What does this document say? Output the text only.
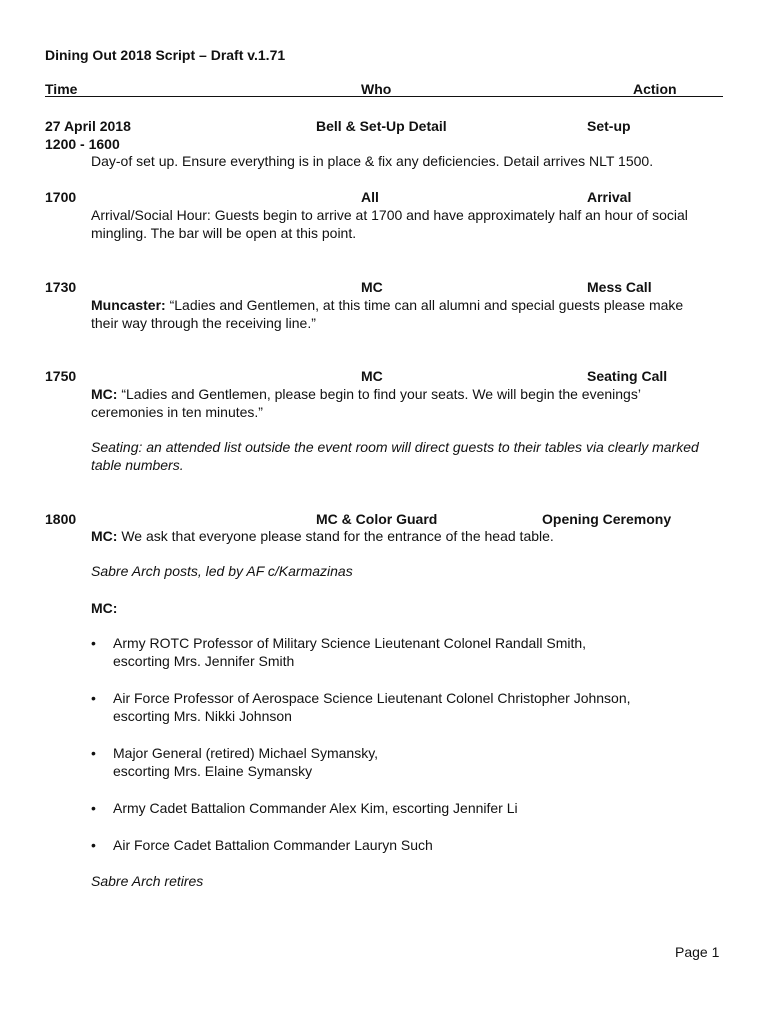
Dining Out 2018 Script – Draft v.1.71
Time	Who	Action
27 April 2018	Bell & Set-Up Detail	Set-up
1200 - 1600
Day-of set up. Ensure everything is in place & fix any deficiencies. Detail arrives NLT 1500.
1700	All	Arrival
Arrival/Social Hour: Guests begin to arrive at 1700 and have approximately half an hour of social mingling. The bar will be open at this point.
1730	MC	Mess Call
Muncaster: “Ladies and Gentlemen, at this time can all alumni and special guests please make their way through the receiving line.”
1750	MC	Seating Call
MC: “Ladies and Gentlemen, please begin to find your seats. We will begin the evenings’ ceremonies in ten minutes.”
Seating: an attended list outside the event room will direct guests to their tables via clearly marked table numbers.
1800	MC & Color Guard	Opening Ceremony
MC: We ask that everyone please stand for the entrance of the head table.
Sabre Arch posts, led by AF c/Karmazinas
MC:
• Army ROTC Professor of Military Science Lieutenant Colonel Randall Smith,
escorting Mrs. Jennifer Smith
• Air Force Professor of Aerospace Science Lieutenant Colonel Christopher Johnson,
escorting Mrs. Nikki Johnson
• Major General (retired) Michael Symansky,
escorting Mrs. Elaine Symansky
• Army Cadet Battalion Commander Alex Kim, escorting Jennifer Li
• Air Force Cadet Battalion Commander Lauryn Such
Sabre Arch retires
Page 1
